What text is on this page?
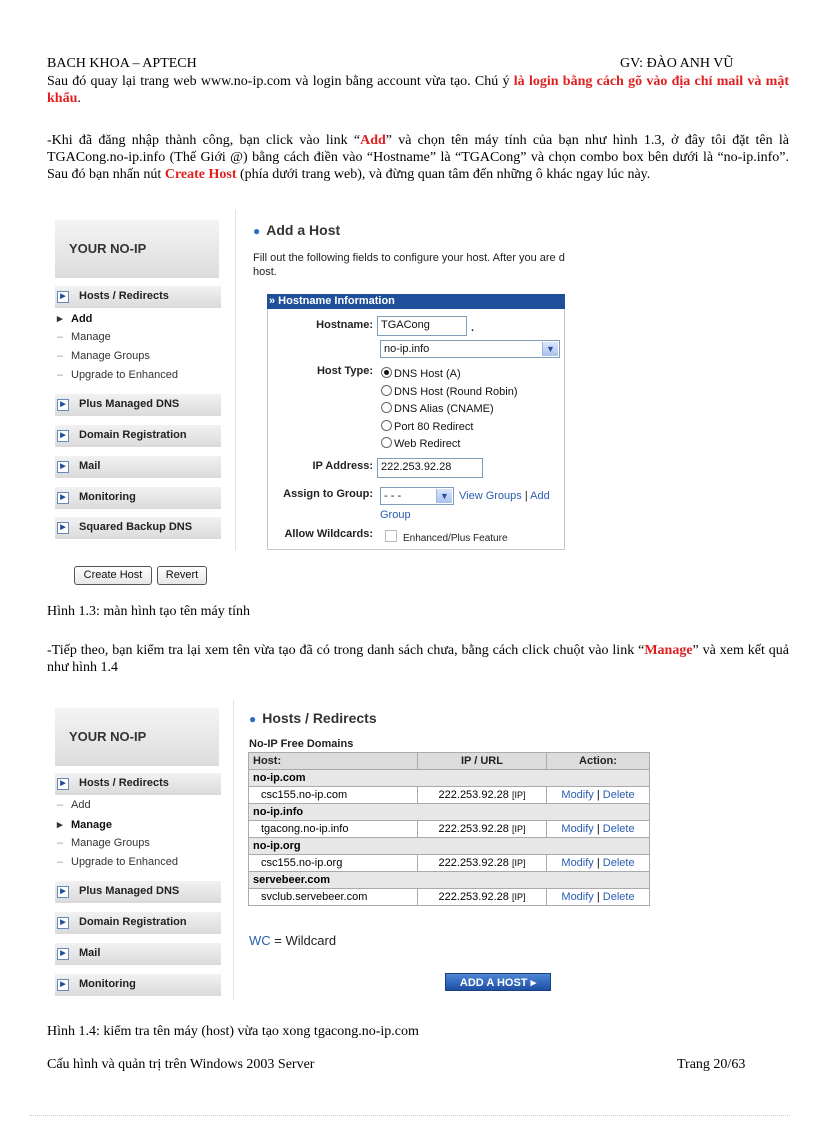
BACH KHOA – APTECH	GV: ĐÀO ANH VŨ
Sau đó quay lại trang web www.no-ip.com và login bằng account vừa tạo. Chú ý là login bằng cách gõ vào địa chỉ mail và mật khẩu.
-Khi đã đăng nhập thành công, bạn click vào link “Add” và chọn tên máy tính của bạn như hình 1.3, ở đây tôi đặt tên là TGACong.no-ip.info (Thế Giới @) bằng cách điền vào “Hostname” là “TGACong” và chọn combo box bên dưới là “no-ip.info”. Sau đó bạn nhấn nút Create Host (phía dưới trang web), và đừng quan tâm đến những ô khác ngay lúc này.
YOUR NO-IP
▶	Hosts / Redirects
▸ Add
– Manage
– Manage Groups
– Upgrade to Enhanced
▶	Plus Managed DNS
▶	Domain Registration
▶	Mail
▶	Monitoring
▶	Squared Backup DNS
● Add a Host
Fill out the following fields to configure your host. After you are d
host.
» Hostname Information
Hostname: TGACong	.
no-ip.info	▼
Host Type:	DNS Host (A)
DNS Host (Round Robin)
DNS Alias (CNAME)
Port 80 Redirect
Web Redirect
IP Address: 222.253.92.28
Assign to Group:	- - -	▼ View Groups | Add
Group
Allow Wildcards:	Enhanced/Plus Feature
Create Host	Revert
Hình 1.3: màn hình tạo tên máy tính
-Tiếp theo, bạn kiểm tra lại xem tên vừa tạo đã có trong danh sách chưa, bằng cách click chuột vào link “Manage” và xem kết quả như hình 1.4
YOUR NO-IP
▶	Hosts / Redirects
– Add
▸ Manage
– Manage Groups
– Upgrade to Enhanced
▶	Plus Managed DNS
▶	Domain Registration
▶	Mail
▶	Monitoring
● Hosts / Redirects
No-IP Free Domains
Host:	IP / URL	Action:
no-ip.com		
csc155.no-ip.com	222.253.92.28 [IP]	Modify | Delete
no-ip.info		
tgacong.no-ip.info	222.253.92.28 [IP]	Modify | Delete
no-ip.org		
csc155.no-ip.org	222.253.92.28 [IP]	Modify | Delete
servebeer.com		
svclub.servebeer.com	222.253.92.28 [IP]	Modify | Delete
WC = Wildcard
ADD A HOST ▸
Hình 1.4: kiểm tra tên máy (host) vừa tạo xong tgacong.no-ip.com
Cấu hình và quản trị trên Windows 2003 Server	Trang 20/63
